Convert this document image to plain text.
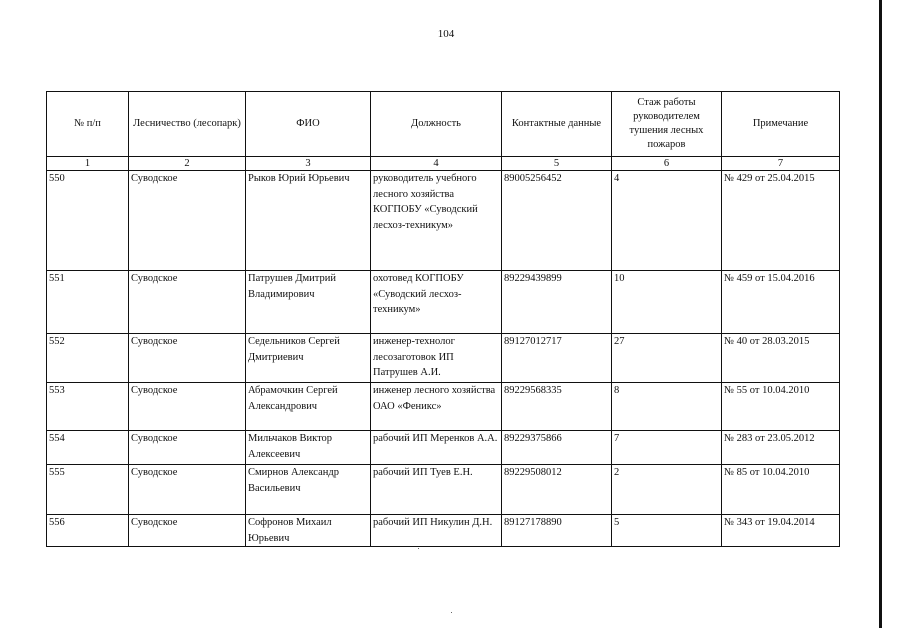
104
№ п/п	Лесничество (лесопарк)	ФИО	Должность	Контактные данные	Стаж работы руководителем тушения лесных пожаров	Примечание
1	2	3	4	5	6	7
550	Суводское	Рыков Юрий Юрьевич	руководитель учебного лесного хозяйства КОГПОБУ «Суводский лесхоз-техникум»	89005256452	4	№ 429 от 25.04.2015
551	Суводское	Патрушев Дмитрий Владимирович	охотовед КОГПОБУ «Суводский лесхоз-техникум»	89229439899	10	№ 459 от 15.04.2016
552	Суводское	Седельников Сергей Дмитриевич	инженер-технолог лесозаготовок ИП Патрушев А.И.	89127012717	27	№ 40 от 28.03.2015
553	Суводское	Абрамочкин Сергей Александрович	инженер лесного хозяйства ОАО «Феникс»	89229568335	8	№ 55 от 10.04.2010
554	Суводское	Мильчаков Виктор Алексеевич	рабочий ИП Меренков А.А.	89229375866	7	№ 283 от 23.05.2012
555	Суводское	Смирнов Александр Васильевич	рабочий ИП Туев Е.Н.	89229508012	2	№ 85 от 10.04.2010
556	Суводское	Софронов Михаил Юрьевич	рабочий ИП Никулин Д.Н.	89127178890	5	№ 343 от 19.04.2014
